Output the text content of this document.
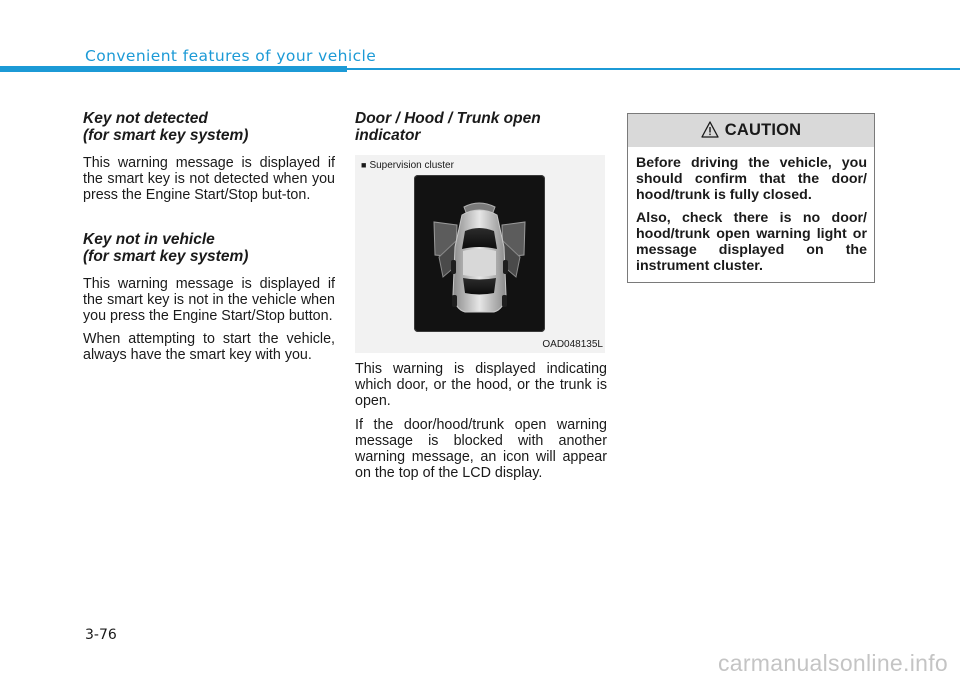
Convenient features of your vehicle
Key not detected
(for smart key system)

This warning message is displayed if the smart key is not detected when you press the Engine Start/Stop but-ton.

Key not in vehicle
(for smart key system)

This warning message is displayed if the smart key is not in the vehicle when you press the Engine Start/Stop button.

When attempting to start the vehicle, always have the smart key with you.

Door / Hood / Trunk open
indicator
■ Supervision cluster
OAD048135L

This warning is displayed indicating which door, or the hood, or the trunk is open.

If the door/hood/trunk open warning message is blocked with another warning message, an icon will appear on the top of the LCD display.

CAUTION

Before driving the vehicle, you should confirm that the door/ hood/trunk is fully closed.

Also, check there is no door/ hood/trunk open warning light or message displayed on the instrument cluster.

3-76
carmanualsonline.info
